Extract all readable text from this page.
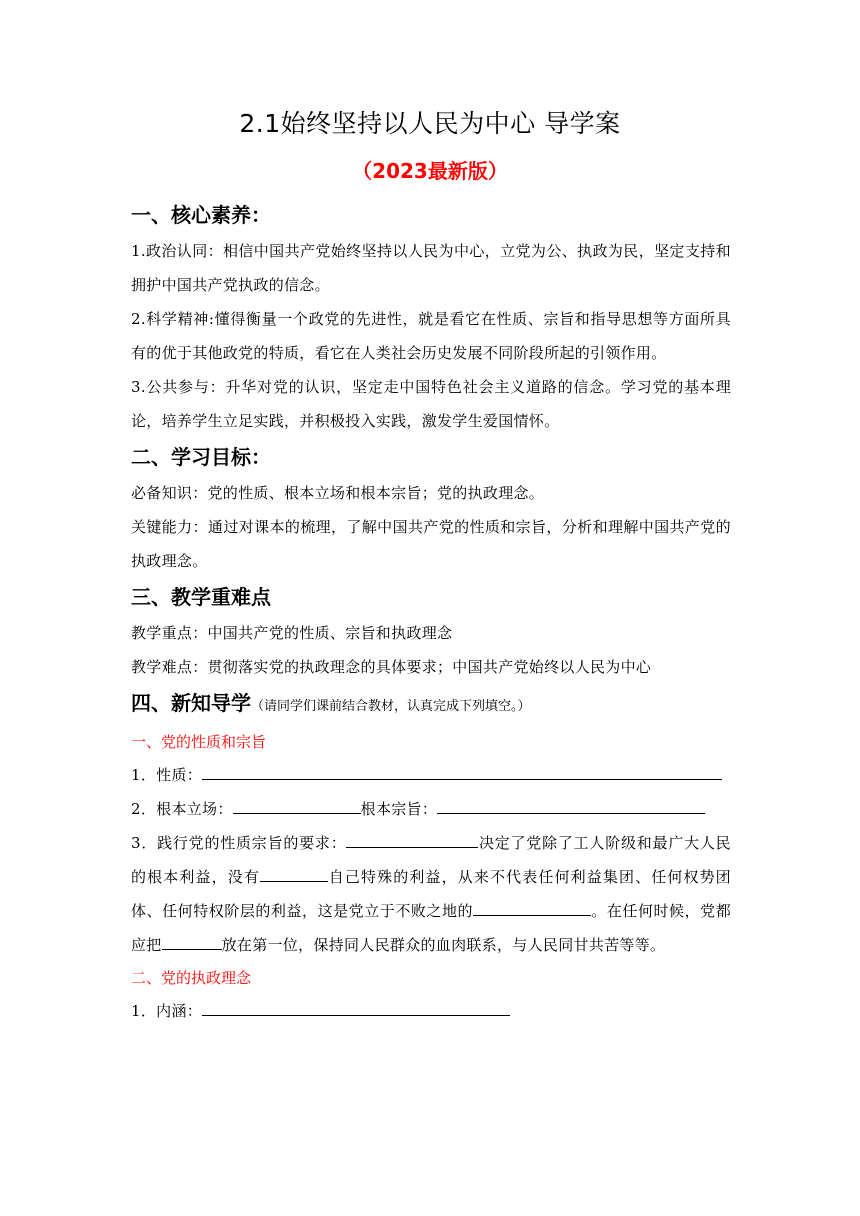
2.1始终坚持以人民为中心 导学案
（2023最新版）
一、核心素养：

1.政治认同：相信中国共产党始终坚持以人民为中心，立党为公、执政为民，坚定支持和拥护中国共产党执政的信念。

2.科学精神:懂得衡量一个政党的先进性，就是看它在性质、宗旨和指导思想等方面所具有的优于其他政党的特质，看它在人类社会历史发展不同阶段所起的引领作用。

3.公共参与：升华对党的认识，坚定走中国特色社会主义道路的信念。学习党的基本理论，培养学生立足实践，并积极投入实践，激发学生爱国情怀。

二、学习目标：

必备知识：党的性质、根本立场和根本宗旨；党的执政理念。

关键能力：通过对课本的梳理，了解中国共产党的性质和宗旨，分析和理解中国共产党的执政理念。

三、教学重难点

教学重点：中国共产党的性质、宗旨和执政理念

教学难点：贯彻落实党的执政理念的具体要求；中国共产党始终以人民为中心

四、新知导学（请同学们课前结合教材，认真完成下列填空。）
一、党的性质和宗旨

1．性质：

2．根本立场：	根本宗旨：

3．践行党的性质宗旨的要求：	决定了党除了工人阶级和最广大人民的根本利益，没有	自己特殊的利益，从来不代表任何利益集团、任何权势团体、任何特权阶层的利益，这是党立于不败之地的	。在任何时候，党都应把	放在第一位，保持同人民群众的血肉联系，与人民同甘共苦等等。

二、党的执政理念

1．内涵：
